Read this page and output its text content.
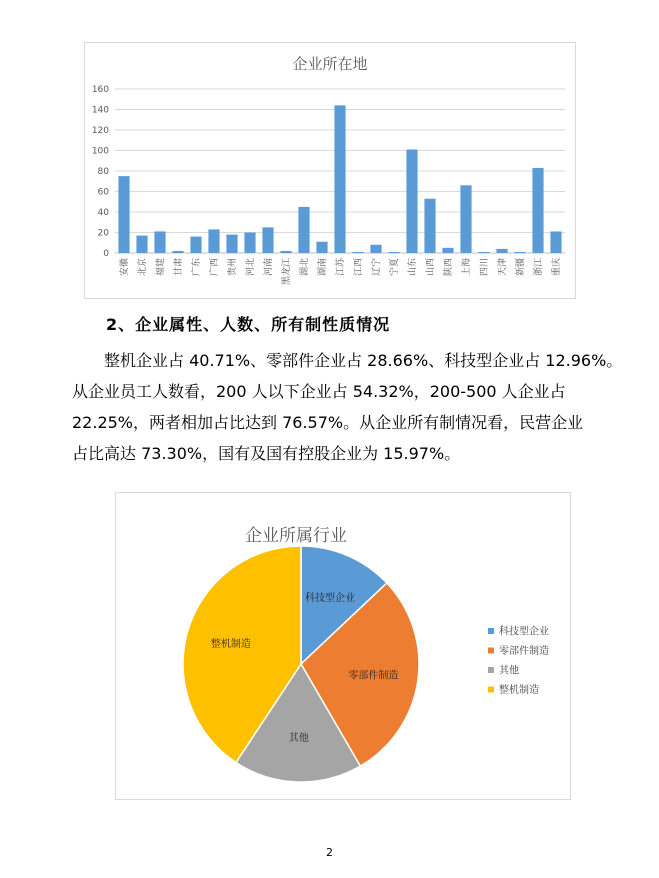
企业所在地
0
20
40
60
80
100
120
140
160
安徽 北京 福建 甘肃 广东 广西 贵州 河北 河南 黑龙江 湖北 湖南 江苏 江西 辽宁 宁夏 山东 山西 陕西 上海 四川 天津 新疆 浙江 重庆
2、企业属性、人数、所有制性质情况
整机企业占 40.71%、零部件企业占 28.66%、科技型企业占 12.96%。
从企业员工人数看，200 人以下企业占 54.32%，200-500 人企业占
22.25%，两者相加占比达到 76.57%。从企业所有制情况看，民营企业
占比高达 73.30%，国有及国有控股企业为 15.97%。
企业所属行业
科技型企业
零部件制造
其他
整机制造
科技型企业
零部件制造
其他
整机制造
2
